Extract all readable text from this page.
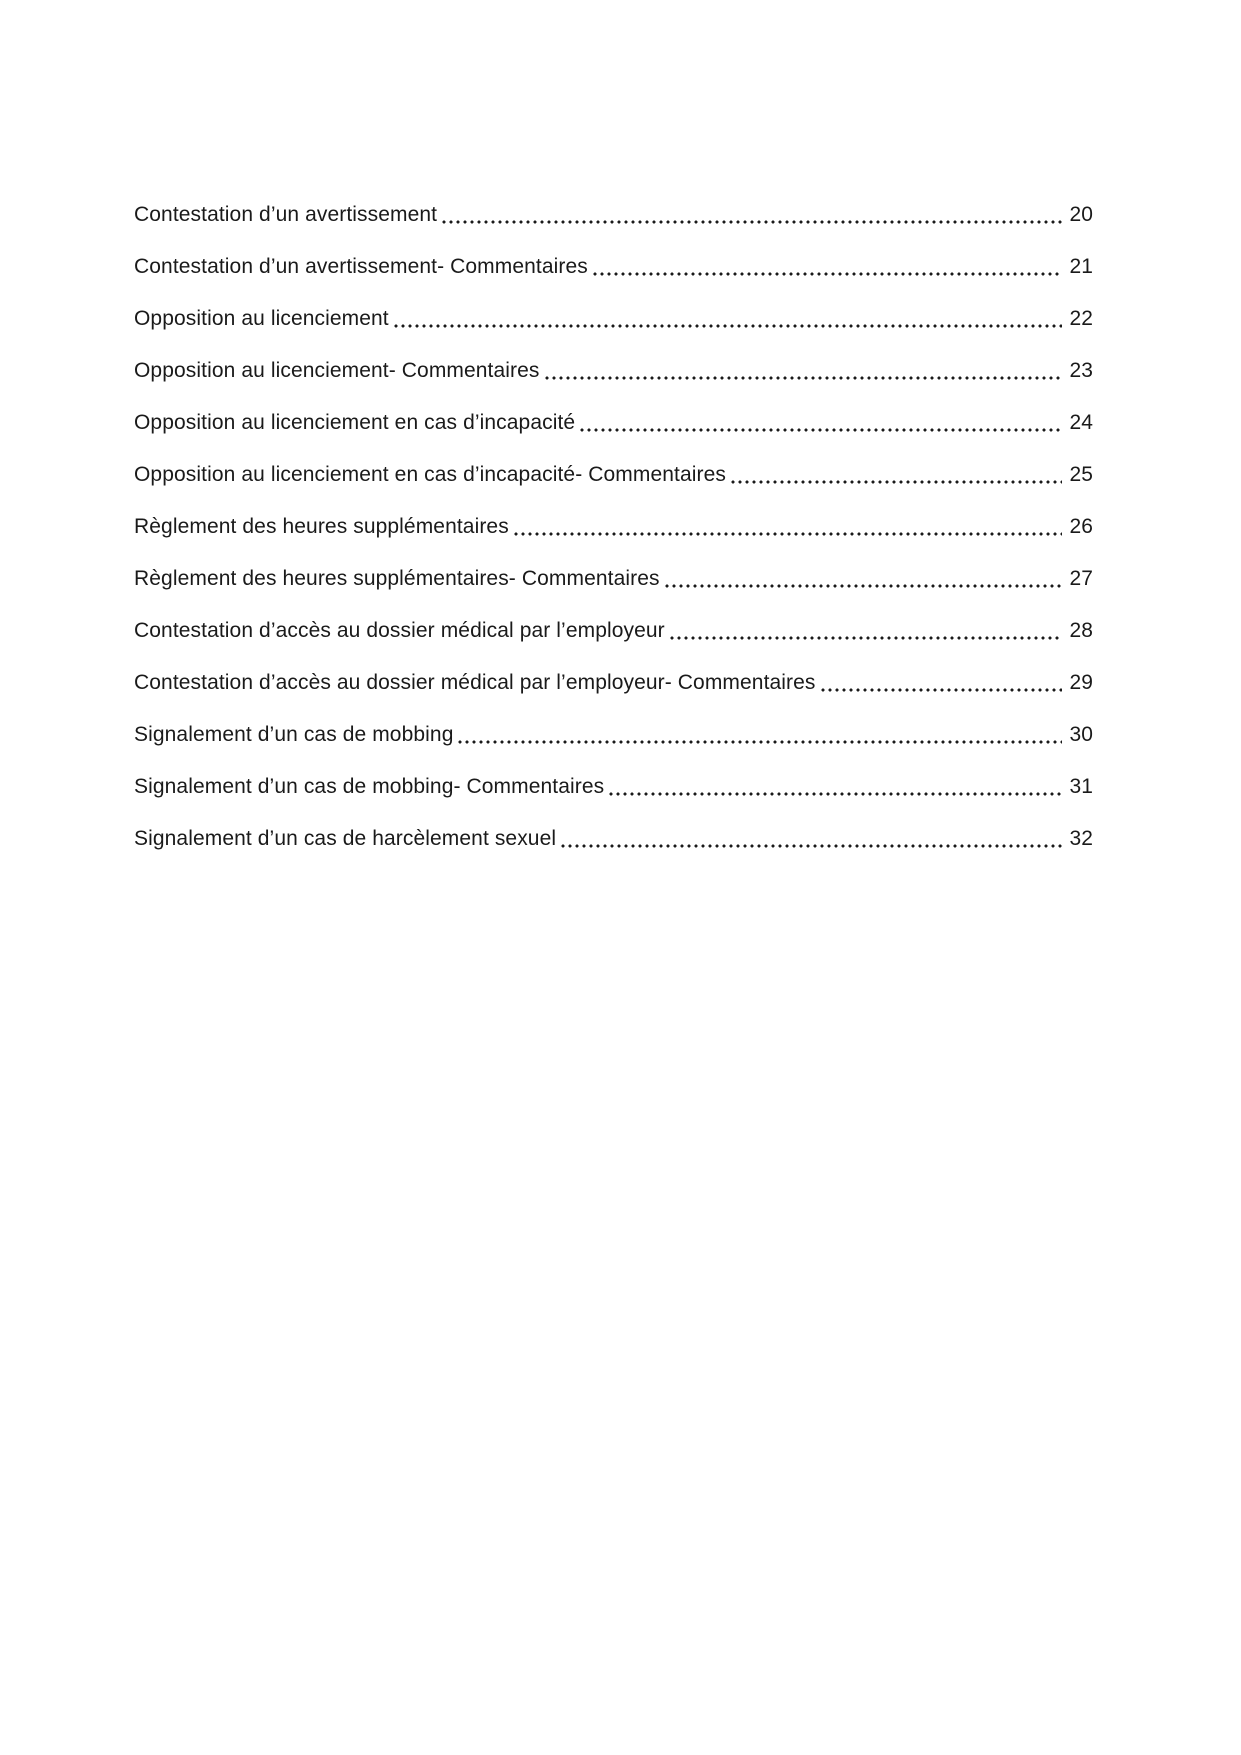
Contestation d’un avertissement	20
Contestation d’un avertissement- Commentaires	21
Opposition au licenciement	22
Opposition au licenciement- Commentaires	23
Opposition au licenciement en cas d’incapacité	24
Opposition au licenciement en cas d’incapacité- Commentaires	25
Règlement des heures supplémentaires	26
Règlement des heures supplémentaires- Commentaires	27
Contestation d’accès au dossier médical par l’employeur	28
Contestation d’accès au dossier médical par l’employeur- Commentaires	29
Signalement d’un cas de mobbing	30
Signalement d’un cas de mobbing- Commentaires	31
Signalement d’un cas de harcèlement sexuel	32
